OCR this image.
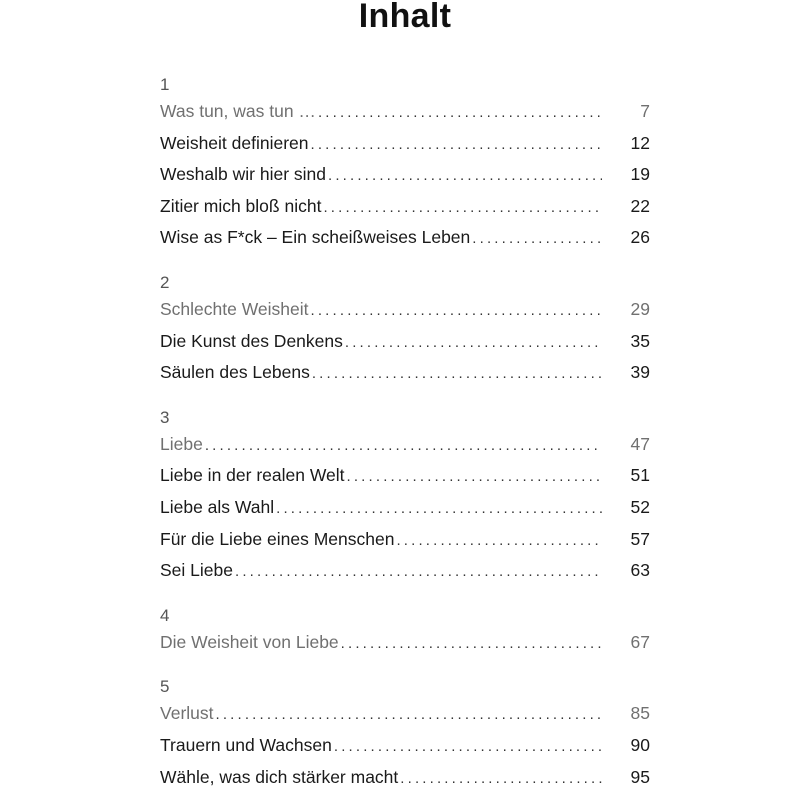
Inhalt
1
Was tun, was tun … . . .	7
Weisheit definieren . . .	12
Weshalb wir hier sind . . .	19
Zitier mich bloß nicht . . .	22
Wise as F*ck – Ein scheißweises Leben . . .	26
2
Schlechte Weisheit . . .	29
Die Kunst des Denkens . . .	35
Säulen des Lebens . . .	39
3
Liebe . . .	47
Liebe in der realen Welt . . .	51
Liebe als Wahl . . .	52
Für die Liebe eines Menschen . . .	57
Sei Liebe . . .	63
4
Die Weisheit von Liebe . . .	67
5
Verlust . . .	85
Trauern und Wachsen . . .	90
Wähle, was dich stärker macht . . .	95
